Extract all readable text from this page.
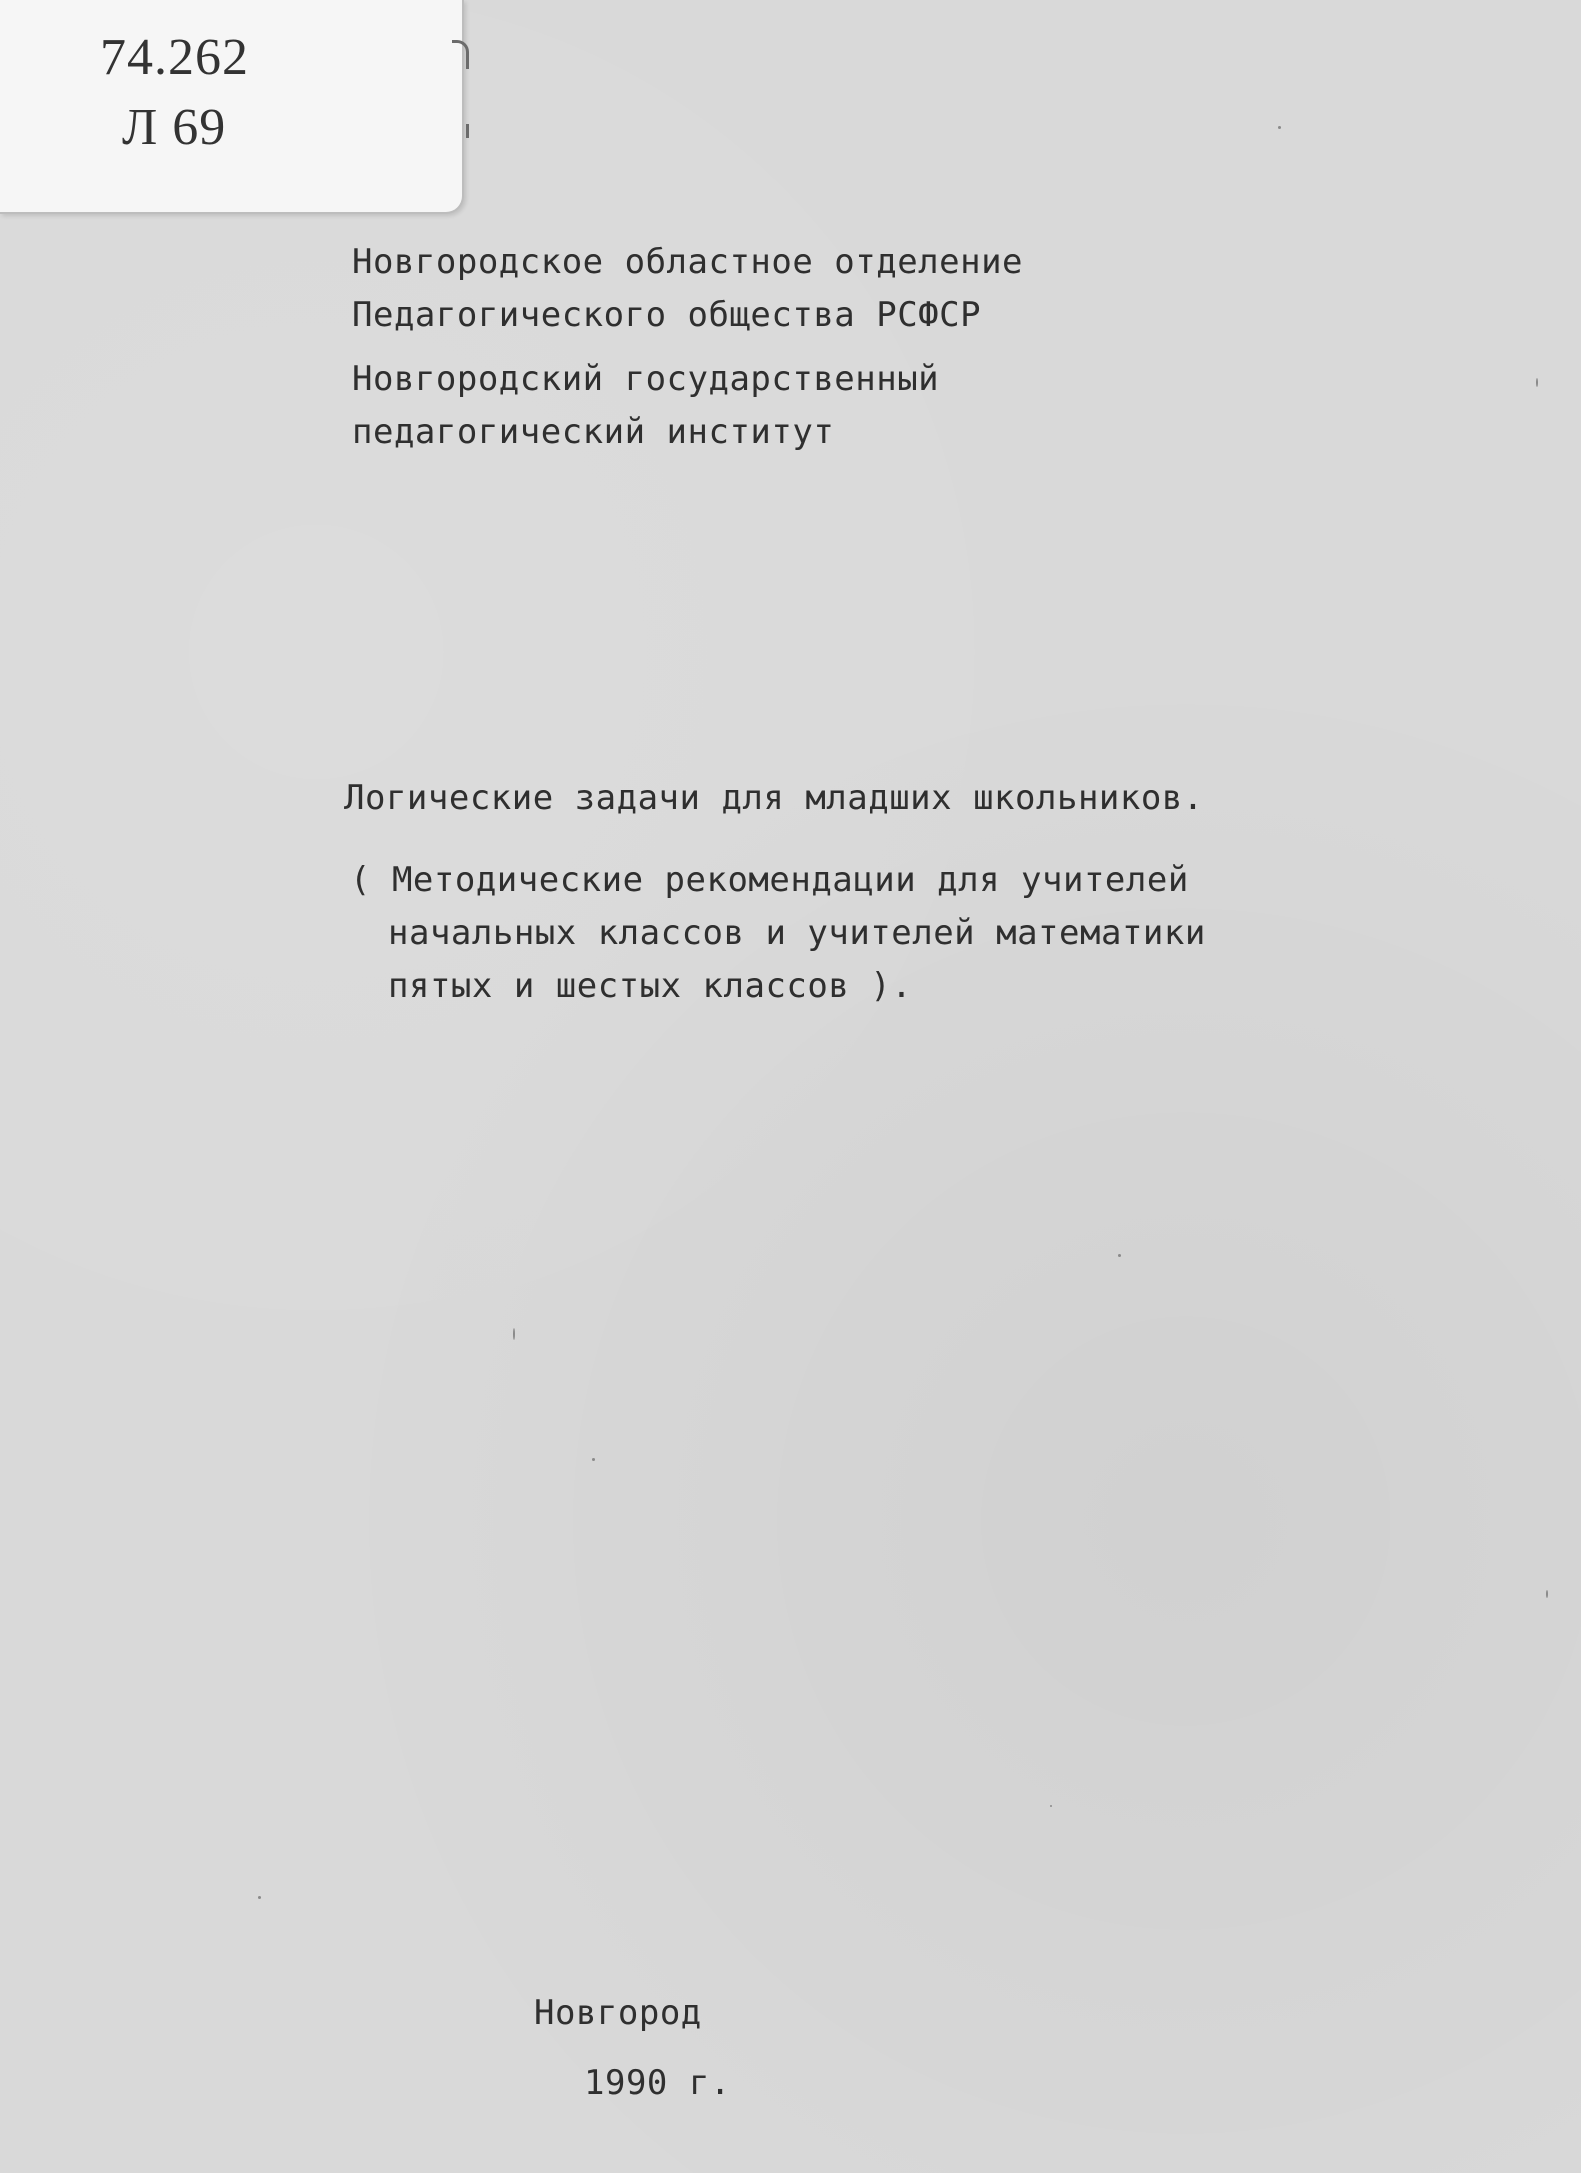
74.262
Л 69
Новгородское областное отделение
Педагогического общества РСФСР
Новгородский государственный
педагогический институт
Логические задачи для младших школьников.
( Методические рекомендации для учителей
начальных классов и учителей математики
пятых и шестых классов ).
Новгород
1990 г.
